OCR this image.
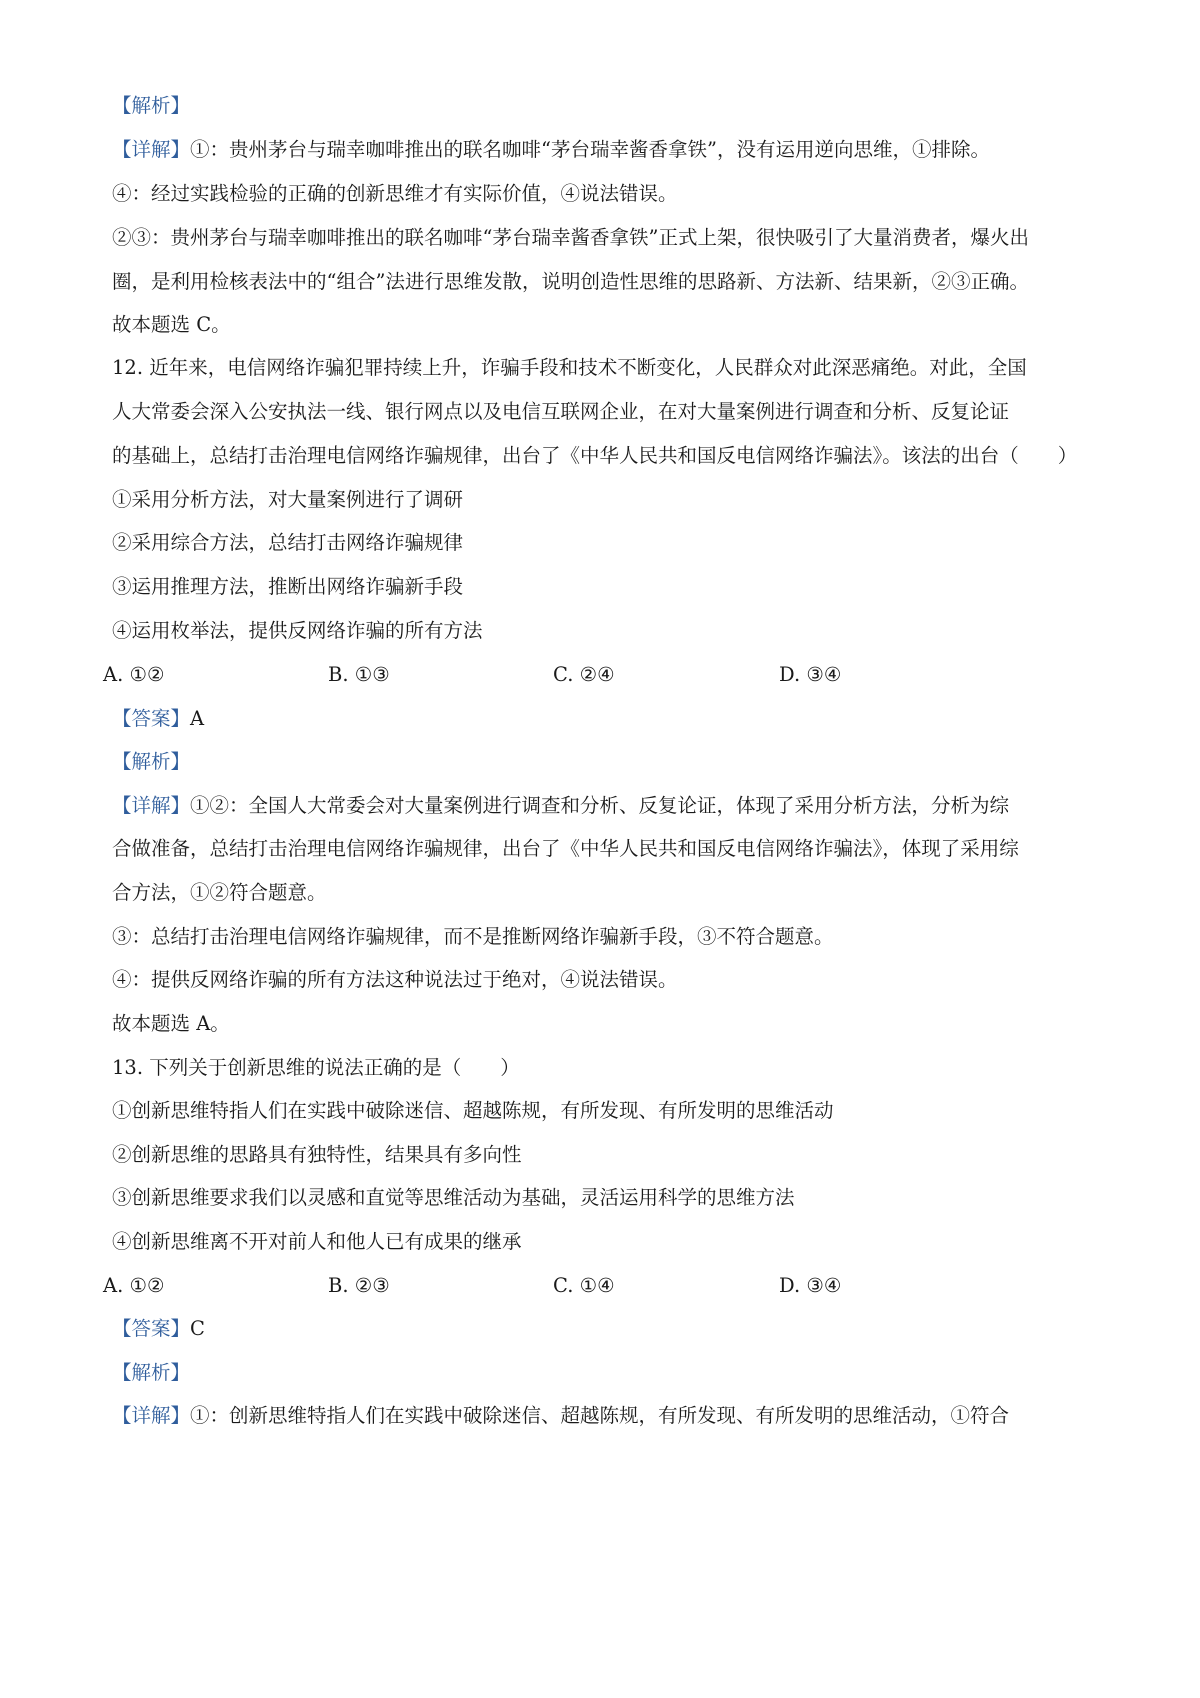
【解析】
【详解】①：贵州茅台与瑞幸咖啡推出的联名咖啡“茅台瑞幸酱香拿铁”，没有运用逆向思维，①排除。
④：经过实践检验的正确的创新思维才有实际价值，④说法错误。
②③：贵州茅台与瑞幸咖啡推出的联名咖啡“茅台瑞幸酱香拿铁”正式上架，很快吸引了大量消费者，爆火出
圈，是利用检核表法中的“组合”法进行思维发散，说明创造性思维的思路新、方法新、结果新，②③正确。
故本题选 C。
12. 近年来，电信网络诈骗犯罪持续上升，诈骗手段和技术不断变化，人民群众对此深恶痛绝。对此，全国
人大常委会深入公安执法一线、银行网点以及电信互联网企业，在对大量案例进行调查和分析、反复论证
的基础上，总结打击治理电信网络诈骗规律，出台了《中华人民共和国反电信网络诈骗法》。该法的出台（　　）
①采用分析方法，对大量案例进行了调研
②采用综合方法，总结打击网络诈骗规律
③运用推理方法，推断出网络诈骗新手段
④运用枚举法，提供反网络诈骗的所有方法
A. ①②	B. ①③	C. ②④	D. ③④
【答案】A
【解析】
【详解】①②：全国人大常委会对大量案例进行调查和分析、反复论证，体现了采用分析方法，分析为综
合做准备，总结打击治理电信网络诈骗规律，出台了《中华人民共和国反电信网络诈骗法》，体现了采用综
合方法，①②符合题意。
③：总结打击治理电信网络诈骗规律，而不是推断网络诈骗新手段，③不符合题意。
④：提供反网络诈骗的所有方法这种说法过于绝对，④说法错误。
故本题选 A。
13. 下列关于创新思维的说法正确的是（　　）
①创新思维特指人们在实践中破除迷信、超越陈规，有所发现、有所发明的思维活动
②创新思维的思路具有独特性，结果具有多向性
③创新思维要求我们以灵感和直觉等思维活动为基础，灵活运用科学的思维方法
④创新思维离不开对前人和他人已有成果的继承
A. ①②	B. ②③	C. ①④	D. ③④
【答案】C
【解析】
【详解】①：创新思维特指人们在实践中破除迷信、超越陈规，有所发现、有所发明的思维活动，①符合
